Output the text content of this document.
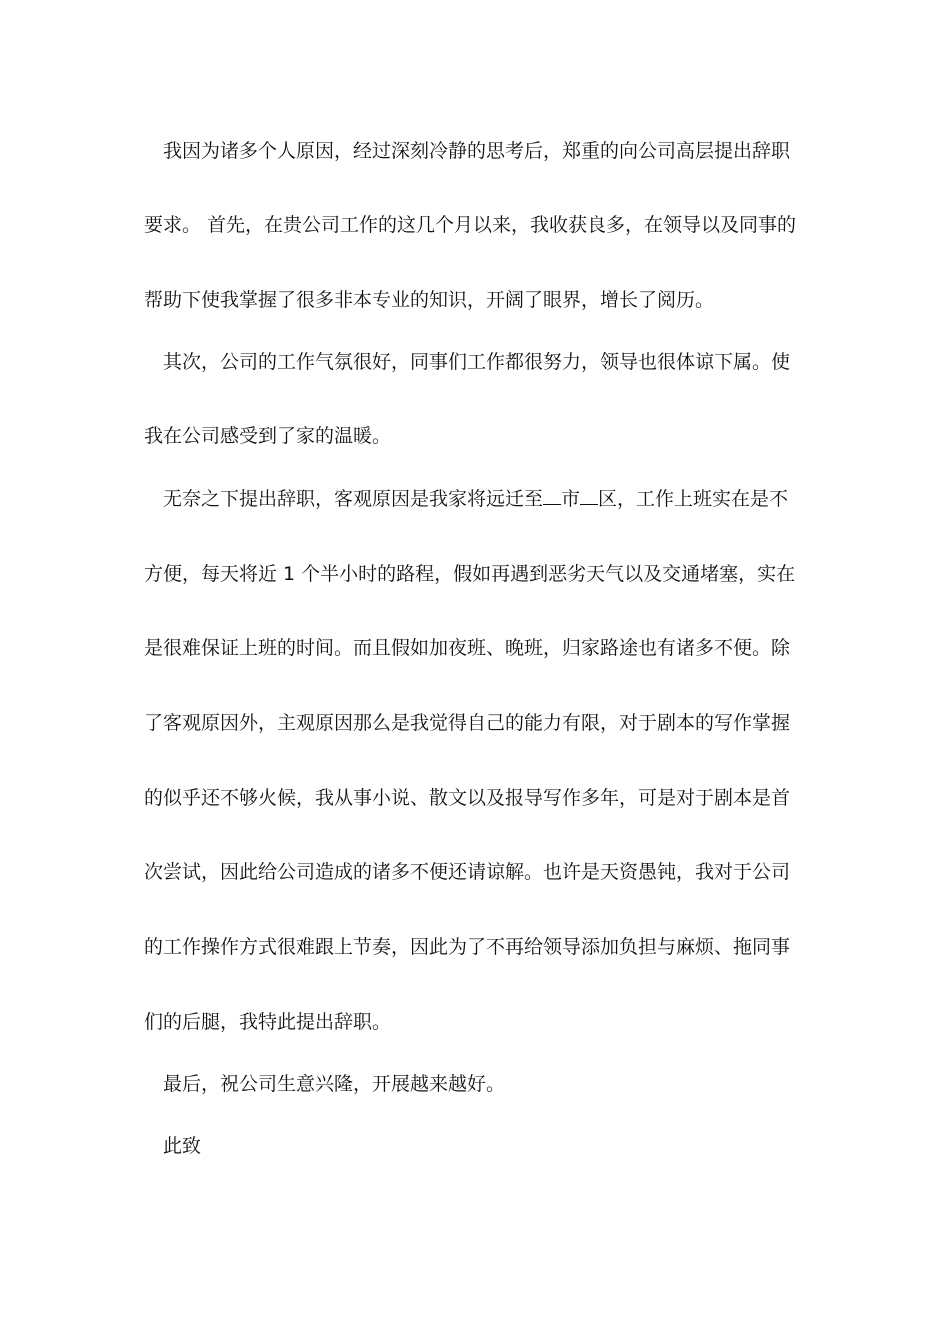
我因为诸多个人原因，经过深刻冷静的思考后，郑重的向公司高层提出辞职
要求。 首先，在贵公司工作的这几个月以来，我收获良多，在领导以及同事的
帮助下使我掌握了很多非本专业的知识，开阔了眼界，增长了阅历。
其次，公司的工作气氛很好，同事们工作都很努力，领导也很体谅下属。使
我在公司感受到了家的温暖。
无奈之下提出辞职，客观原因是我家将远迁至 市 区，工作上班实在是不
方便，每天将近 1 个半小时的路程，假如再遇到恶劣天气以及交通堵塞，实在
是很难保证上班的时间。而且假如加夜班、晚班，归家路途也有诸多不便。除
了客观原因外，主观原因那么是我觉得自己的能力有限，对于剧本的写作掌握
的似乎还不够火候，我从事小说、散文以及报导写作多年，可是对于剧本是首
次尝试，因此给公司造成的诸多不便还请谅解。也许是天资愚钝，我对于公司
的工作操作方式很难跟上节奏，因此为了不再给领导添加负担与麻烦、拖同事
们的后腿，我特此提出辞职。
最后，祝公司生意兴隆，开展越来越好。
此致
